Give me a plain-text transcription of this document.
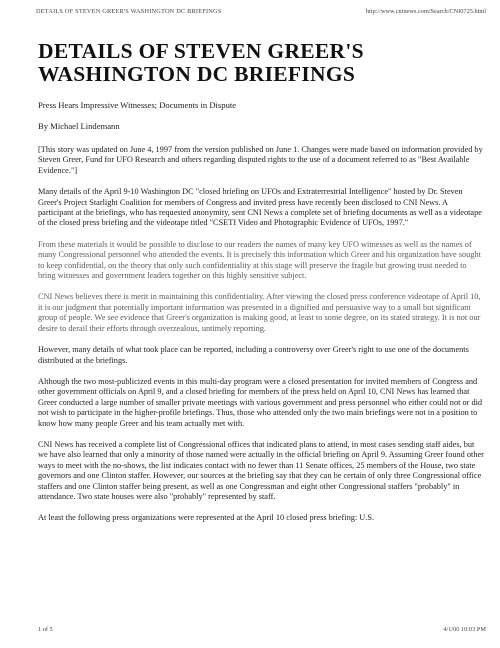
DETAILS OF STEVEN GREER'S WASHINGTON DC BRIEFINGS	http://www.cninews.com/Search/CNI0725.html
DETAILS OF STEVEN GREER'S WASHINGTON DC BRIEFINGS

Press Hears Impressive Witnesses; Documents in Dispute

By Michael Lindemann

[This story was updated on June 4, 1997 from the version published on June 1. Changes were made based on information provided by Steven Greer, Fund for UFO Research and others regarding disputed rights to the use of a document referred to as "Best Available Evidence."]

Many details of the April 9-10 Washington DC "closed briefing on UFOs and Extraterrestrial Intelligence" hosted by Dr. Steven Greer's Project Starlight Coalition for members of Congress and invited press have recently been disclosed to CNI News. A participant at the briefings, who has requested anonymity, sent CNI News a complete set of briefing documents as well as a videotape of the closed press briefing and the videotape titled "CSETI Video and Photographic Evidence of UFOs, 1997."

From these materials it would be possible to disclose to our readers the names of many key UFO witnesses as well as the names of many Congressional personnel who attended the events. It is precisely this information which Greer and his organization have sought to keep confidential, on the theory that only such confidentiality at this stage will preserve the fragile but growing trust needed to bring witnesses and government leaders together on this highly sensitive subject.

CNI News believes there is merit in maintaining this confidentiality. After viewing the closed press conference videotape of April 10, it is our judgment that potentially important information was presented in a dignified and persuasive way to a small but significant group of people. We see evidence that Greer's organization is making good, at least to some degree, on its stated strategy. It is not our desire to derail their efforts through overzealous, untimely reporting.

However, many details of what took place can be reported, including a controversy over Greer's right to use one of the documents distributed at the briefings.

Although the two most-publicized events in this multi-day program were a closed presentation for invited members of Congress and other government officials on April 9, and a closed briefing for members of the press held on April 10, CNI News has learned that Greer conducted a large number of smaller private meetings with various government and press personnel who either could not or did not wish to participate in the higher-profile briefings. Thus, those who attended only the two main briefings were not in a position to know how many people Greer and his team actually met with.

CNI News has received a complete list of Congressional offices that indicated plans to attend, in most cases sending staff aides, but we have also learned that only a minority of those named were actually in the official briefing on April 9. Assuming Greer found other ways to meet with the no-shows, the list indicates contact with no fewer than 11 Senate offices, 25 members of the House, two state governors and one Clinton staffer. However, our sources at the briefing say that they can be certain of only three Congressional office staffers and one Clinton staffer being present, as well as one Congressman and eight other Congressional staffers "probably" in attendance. Two state houses were also "probably" represented by staff.

At least the following press organizations were represented at the April 10 closed press briefing: U.S.

1 of 5	4/1/00 10:03 PM
